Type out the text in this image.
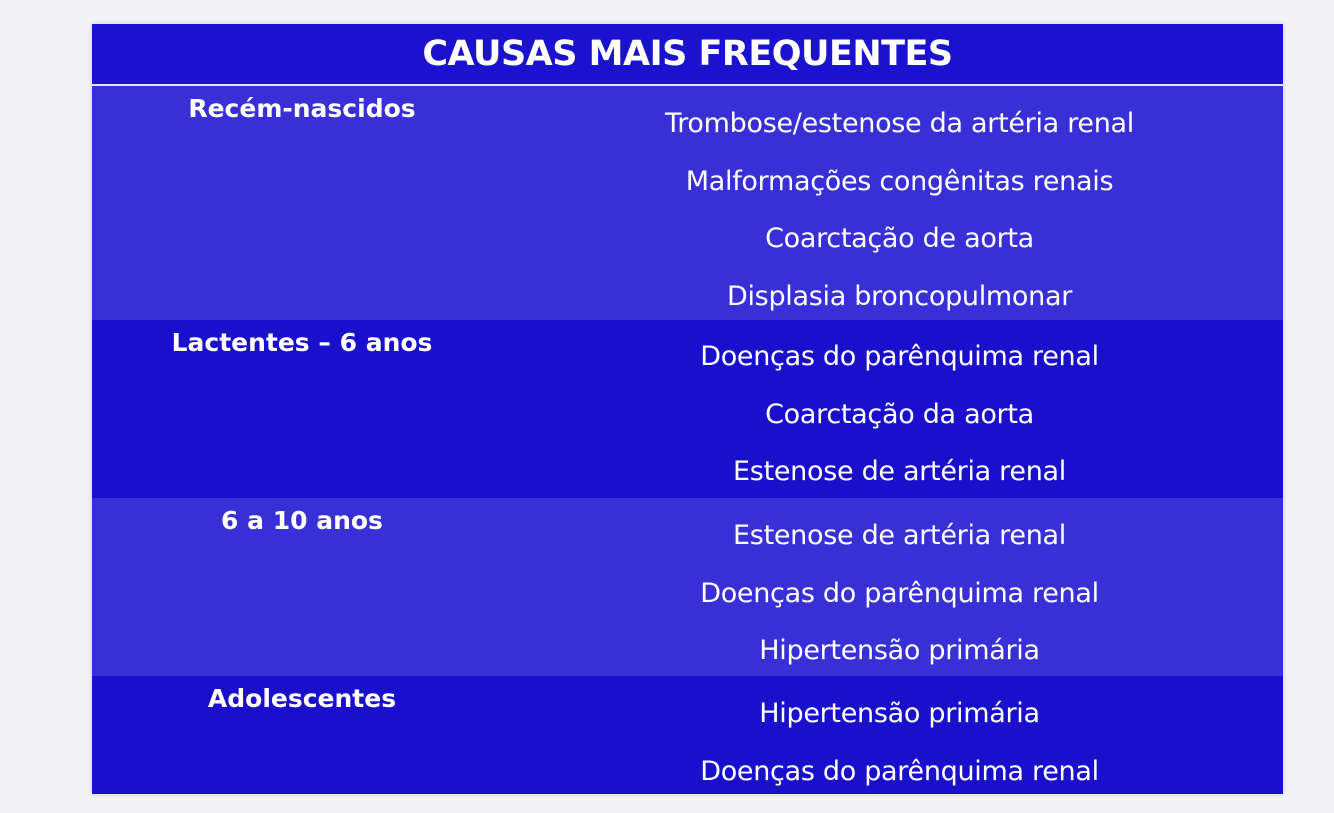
CAUSAS MAIS FREQUENTES
Recém-nascidos	Trombose/estenose da artéria renal
Malformações congênitas renais
Coarctação de aorta
Displasia broncopulmonar
Lactentes – 6 anos	Doenças do parênquima renal
Coarctação da aorta
Estenose de artéria renal
6 a 10 anos	Estenose de artéria renal
Doenças do parênquima renal
Hipertensão primária
Adolescentes	Hipertensão primária
Doenças do parênquima renal
